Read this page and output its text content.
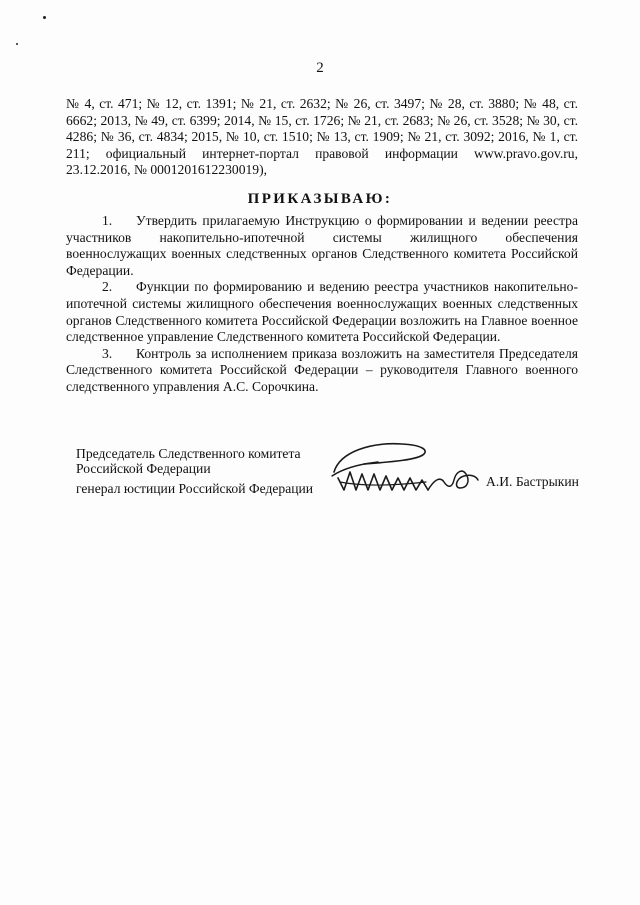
2
№ 4, ст. 471; № 12, ст. 1391; № 21, ст. 2632; № 26, ст. 3497; № 28, ст. 3880; № 48, ст. 6662; 2013, № 49, ст. 6399; 2014, № 15, ст. 1726; № 21, ст. 2683; № 26, ст. 3528; № 30, ст. 4286; № 36, ст. 4834; 2015, № 10, ст. 1510; № 13, ст. 1909; № 21, ст. 3092; 2016, № 1, ст. 211; официальный интернет-портал правовой информации www.pravo.gov.ru, 23.12.2016, № 0001201612230019),
ПРИКАЗЫВАЮ:

1. Утвердить прилагаемую Инструкцию о формировании и ведении реестра участников накопительно-ипотечной системы жилищного обеспечения военнослужащих военных следственных органов Следственного комитета Российской Федерации.

2. Функции по формированию и ведению реестра участников накопительно-ипотечной системы жилищного обеспечения военнослужащих военных следственных органов Следственного комитета Российской Федерации возложить на Главное военное следственное управление Следственного комитета Российской Федерации.

3. Контроль за исполнением приказа возложить на заместителя Председателя Следственного комитета Российской Федерации – руководителя Главного военного следственного управления А.С. Сорочкина.

Председатель Следственного комитета
Российской Федерации
генерал юстиции Российской Федерации	А.И. Бастрыкин
